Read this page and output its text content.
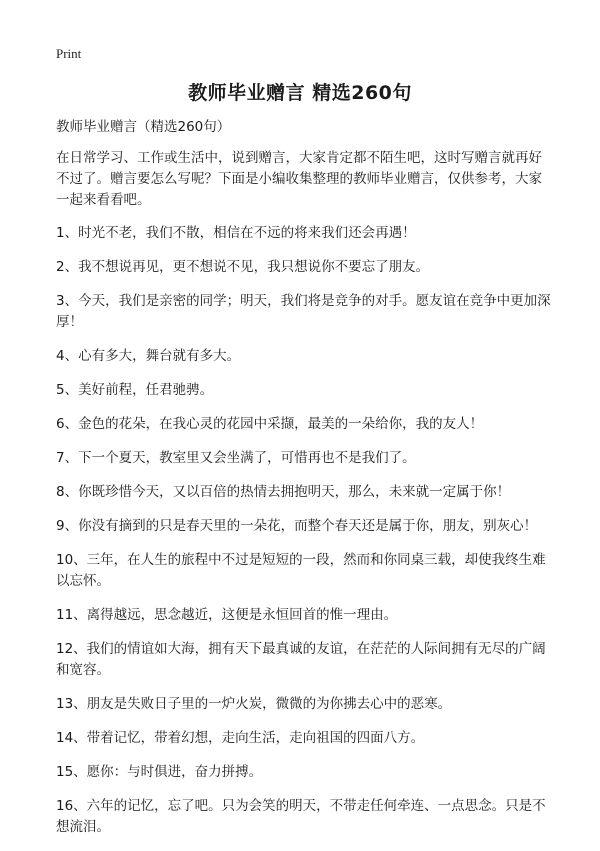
Print
教师毕业赠言 精选260句

教师毕业赠言（精选260句）

在日常学习、工作或生活中，说到赠言，大家肯定都不陌生吧，这时写赠言就再好不过了。赠言要怎么写呢？下面是小编收集整理的教师毕业赠言，仅供参考，大家一起来看看吧。

1、时光不老，我们不散，相信在不远的将来我们还会再遇！

2、我不想说再见，更不想说不见，我只想说你不要忘了朋友。

3、今天，我们是亲密的同学；明天，我们将是竞争的对手。愿友谊在竞争中更加深厚！

4、心有多大，舞台就有多大。

5、美好前程，任君驰骋。

6、金色的花朵，在我心灵的花园中采撷，最美的一朵给你，我的友人！

7、下一个夏天，教室里又会坐满了，可惜再也不是我们了。

8、你既珍惜今天，又以百倍的热情去拥抱明天，那么，未来就一定属于你！

9、你没有摘到的只是春天里的一朵花，而整个春天还是属于你，朋友，别灰心！

10、三年，在人生的旅程中不过是短短的一段，然而和你同桌三载，却使我终生难以忘怀。

11、离得越远，思念越近，这便是永恒回首的惟一理由。

12、我们的情谊如大海，拥有天下最真诚的友谊，在茫茫的人际间拥有无尽的广阔和宽容。

13、朋友是失败日子里的一炉火炭，微微的为你拂去心中的恶寒。

14、带着记忆，带着幻想，走向生活，走向祖国的四面八方。

15、愿你：与时俱进，奋力拼搏。

16、六年的记忆，忘了吧。只为会笑的明天，不带走任何牵连、一点思念。只是不想流泪。
